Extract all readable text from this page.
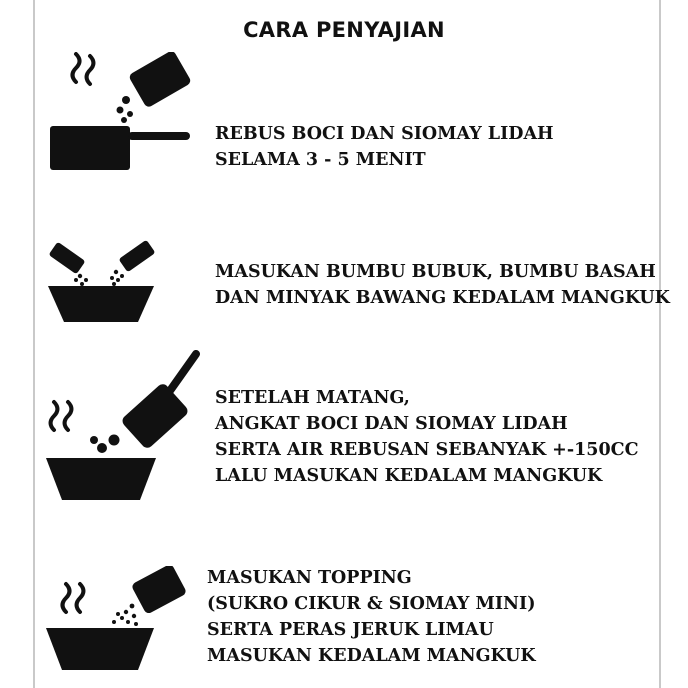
CARA PENYAJIAN
REBUS BOCI DAN SIOMAY LIDAH
SELAMA 3 - 5 MENIT
MASUKAN BUMBU BUBUK, BUMBU BASAH
DAN MINYAK BAWANG KEDALAM MANGKUK
SETELAH MATANG,
ANGKAT BOCI DAN SIOMAY LIDAH
SERTA AIR REBUSAN SEBANYAK +-150CC
LALU MASUKAN KEDALAM MANGKUK
MASUKAN TOPPING
(SUKRO CIKUR & SIOMAY MINI)
SERTA PERAS JERUK LIMAU
MASUKAN KEDALAM MANGKUK
